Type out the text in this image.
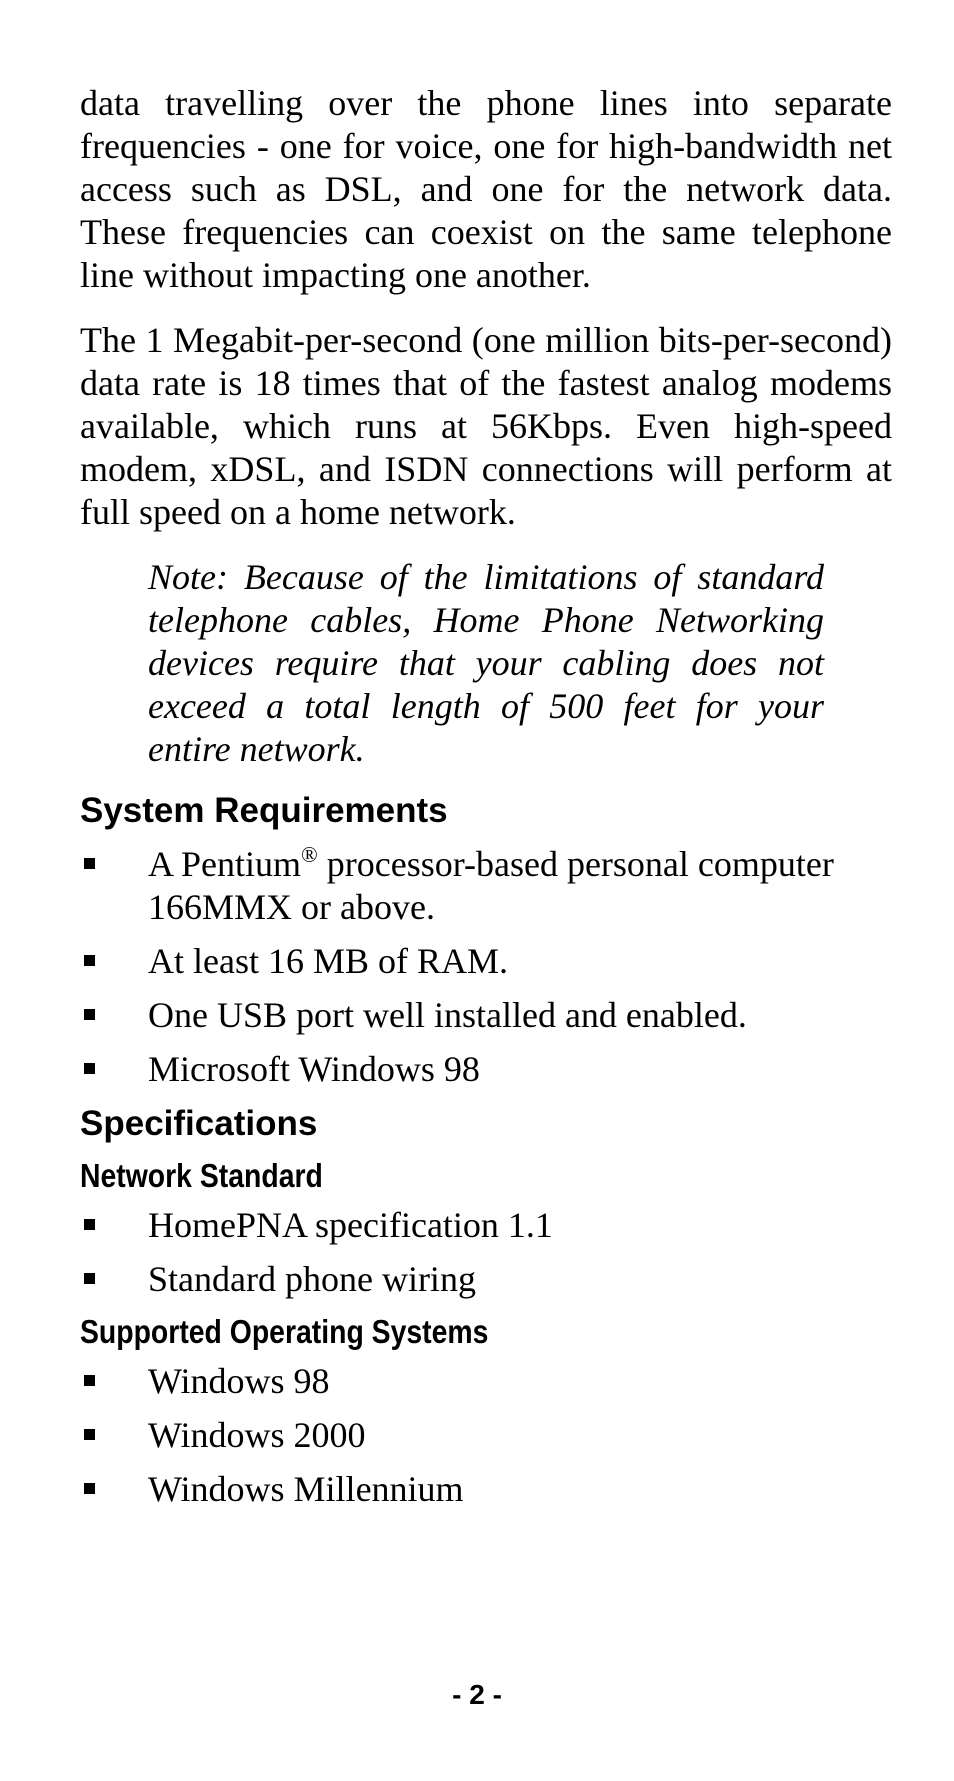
data travelling over the phone lines into separate frequencies - one for voice, one for high-bandwidth net access such as DSL, and one for the network data. These frequencies can coexist on the same telephone line without impacting one another.

The 1 Megabit-per-second (one million bits-per-second) data rate is 18 times that of the fastest analog modems available, which runs at 56Kbps. Even high-speed modem, xDSL, and ISDN connections will perform at full speed on a home network.

Note: Because of the limitations of standard telephone cables, Home Phone Networking devices require that your cabling does not exceed a total length of 500 feet for your entire network.

System Requirements
A Pentium® processor-based personal computer 166MMX or above.
At least 16 MB of RAM.
One USB port well installed and enabled.
Microsoft Windows 98
Specifications
Network Standard
HomePNA specification 1.1
Standard phone wiring
Supported Operating Systems
Windows 98
Windows 2000
Windows Millennium
- 2 -
